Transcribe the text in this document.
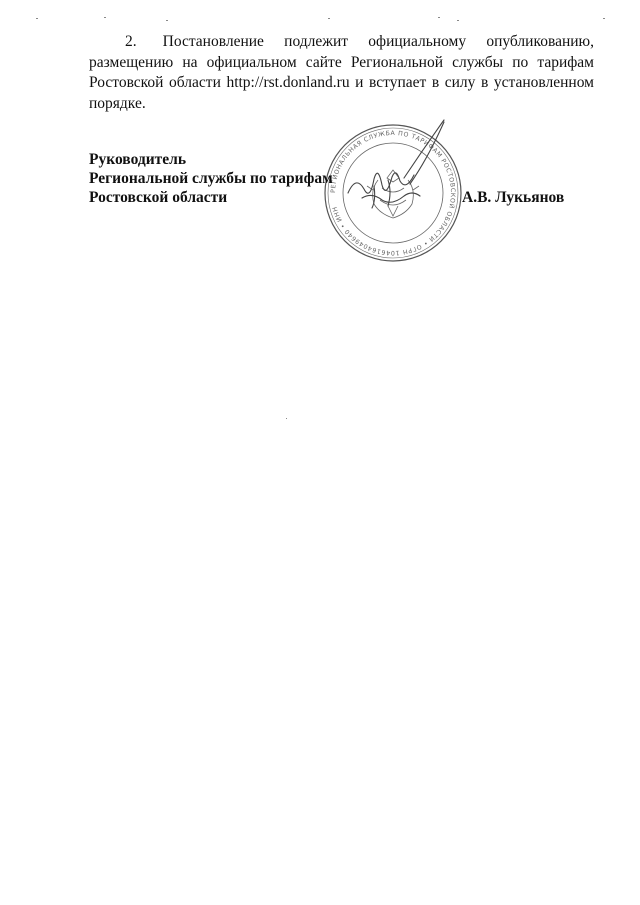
2. Постановление подлежит официальному опубликованию, размещению на официальном сайте Региональной службы по тарифам Ростовской области http://rst.donland.ru и вступает в силу в установленном порядке.
РЕГИОНАЛЬНАЯ СЛУЖБА ПО ТАРИФАМ РОСТОВСКОЙ ОБЛАСТИ • ОГРН 1046164049640 • ИНН
Руководитель
Региональной службы по тарифам
Ростовской области	А.В. Лукьянов
